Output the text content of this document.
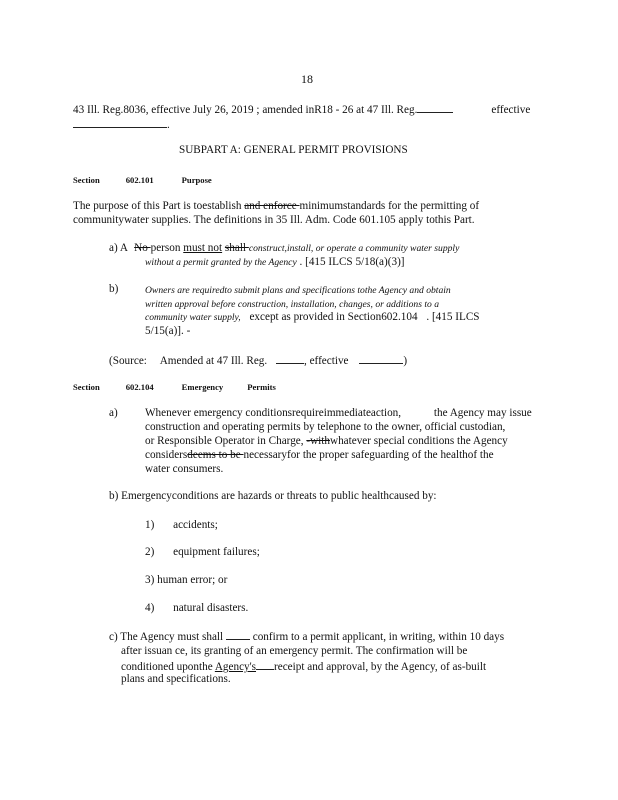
18
43 Ill. Reg.8036, effective July 26, 2019 ; amended inR18 - 26 at 47 Ill. Reg.	effective
.
SUBPART A: GENERAL PERMIT PROVISIONS
Section	602.101	Purpose
The purpose of this Part is toestablish and enforce minimumstandards for the permitting of
communitywater supplies. The definitions in 35 Ill. Adm. Code 601.105 apply tothis Part.
a) A No person must not shall construct,install, or operate a community water supply
without a permit granted by the Agency . [415 ILCS 5/18(a)(3)]
b)	Owners are requiredto submit plans and specifications tothe Agency and obtain
written approval before construction, installation, changes, or additions to a
community water supply, except as provided in Section602.104 . [415 ILCS
5/15(a)]. -
(Source: Amended at 47 Ill. Reg.	, effective	)
Section	602.104	Emergency	Permits
a) Whenever emergency conditionsrequireimmediateaction,	the Agency may issue
construction and operating permits by telephone to the owner, official custodian,
or Responsible Operator in Charge, -withwhatever special conditions the Agency
considersdeems to be necessaryfor the proper safeguarding of the healthof the
water consumers.
b) Emergencyconditions are hazards or threats to public healthcaused by:
1) accidents;
2) equipment failures;
3) human error; or
4) natural disasters.
c) The Agency must shall  confirm to a permit applicant, in writing, within 10 days
after issuan ce, its granting of an emergency permit. The confirmation will be
conditioned uponthe Agency's receipt and approval, by the Agency, of as-built
plans and specifications.
